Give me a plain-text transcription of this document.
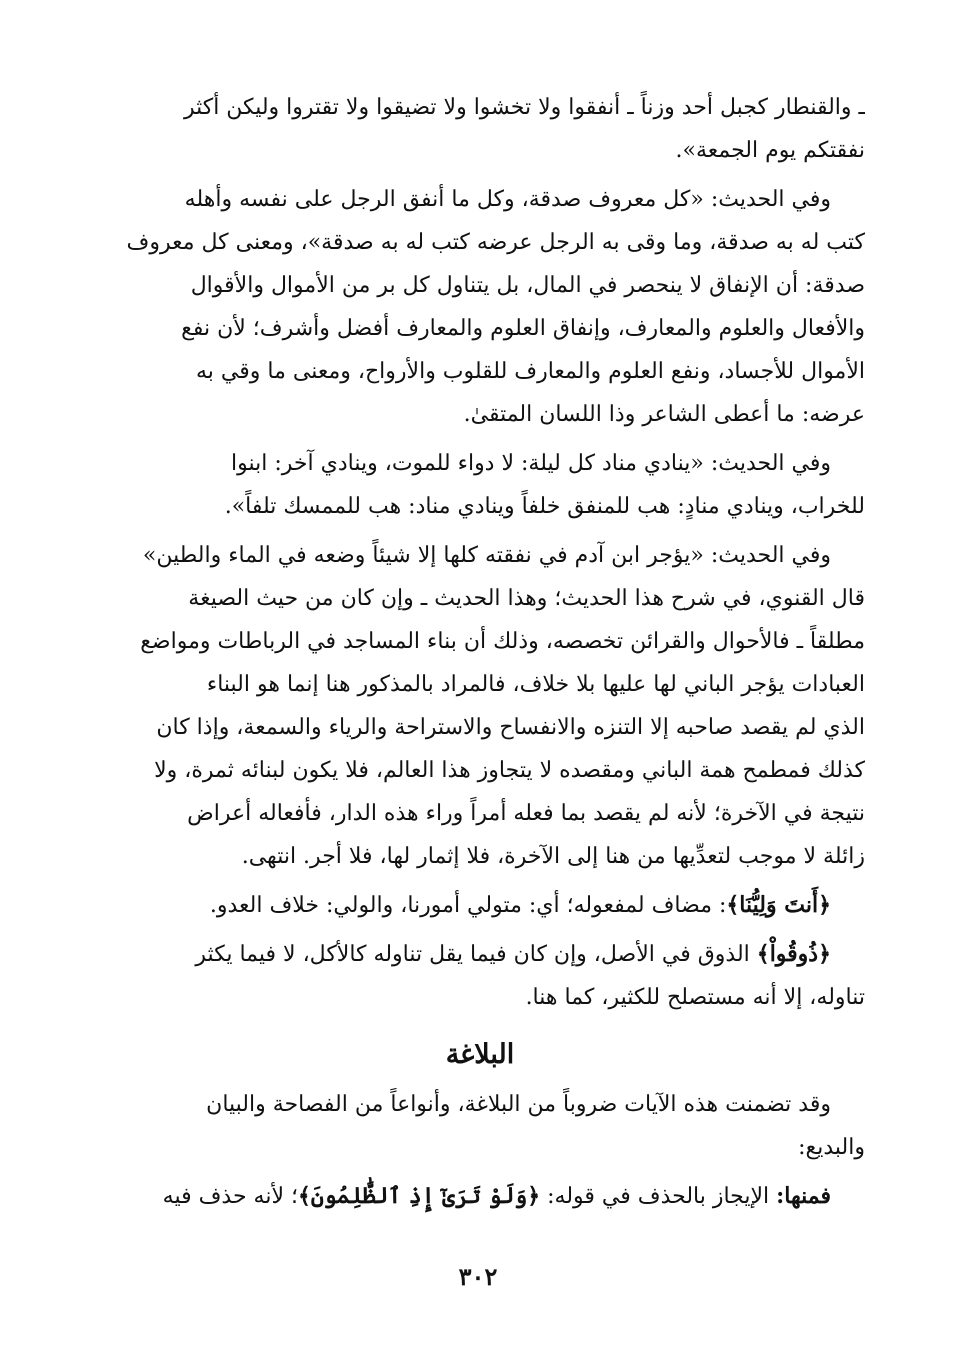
ـ والقنطار كجبل أحد وزناً ـ أنفقوا ولا تخشوا ولا تضيقوا ولا تقتروا وليكن أكثر
نفقتكم يوم الجمعة».
وفي الحديث: «كل معروف صدقة، وكل ما أنفق الرجل على نفسه وأهله
كتب له به صدقة، وما وقى به الرجل عرضه كتب له به صدقة»، ومعنى كل معروف
صدقة: أن الإنفاق لا ينحصر في المال، بل يتناول كل بر من الأموال والأقوال
والأفعال والعلوم والمعارف، وإنفاق العلوم والمعارف أفضل وأشرف؛ لأن نفع
الأموال للأجساد، ونفع العلوم والمعارف للقلوب والأرواح، ومعنى ما وقي به
عرضه: ما أعطى الشاعر وذا اللسان المتقىٰ.
وفي الحديث: «ينادي مناد كل ليلة: لا دواء للموت، وينادي آخر: ابنوا
للخراب، وينادي منادٍ: هب للمنفق خلفاً وينادي مناد: هب للممسك تلفاً».
وفي الحديث: «يؤجر ابن آدم في نفقته كلها إلا شيئاً وضعه في الماء والطين»
قال القنوي، في شرح هذا الحديث؛ وهذا الحديث ـ وإن كان من حيث الصيغة
مطلقاً ـ فالأحوال والقرائن تخصصه، وذلك أن بناء المساجد في الرباطات ومواضع
العبادات يؤجر الباني لها عليها بلا خلاف، فالمراد بالمذكور هنا إنما هو البناء
الذي لم يقصد صاحبه إلا التنزه والانفساح والاستراحة والرياء والسمعة، وإذا كان
كذلك فمطمح همة الباني ومقصده لا يتجاوز هذا العالم، فلا يكون لبنائه ثمرة، ولا
نتيجة في الآخرة؛ لأنه لم يقصد بما فعله أمراً وراء هذه الدار، فأفعاله أعراض
زائلة لا موجب لتعدِّيها من هنا إلى الآخرة، فلا إثمار لها، فلا أجر. انتهى.
﴿أَنتَ وَلِيُّنَا﴾: مضاف لمفعوله؛ أي: متولي أمورنا، والولي: خلاف العدو.
﴿ذُوقُواْ﴾ الذوق في الأصل، وإن كان فيما يقل تناوله كالأكل، لا فيما يكثر
تناوله، إلا أنه مستصلح للكثير، كما هنا.
البلاغة
وقد تضمنت هذه الآيات ضروباً من البلاغة، وأنواعاً من الفصاحة والبيان
والبديع:
فمنها: الإيجاز بالحذف في قوله: ﴿وَلَوْ تَرَىٰٓ إِذِ ٱلظَّٰلِمُونَ﴾؛ لأنه حذف فيه
٣٠٢
